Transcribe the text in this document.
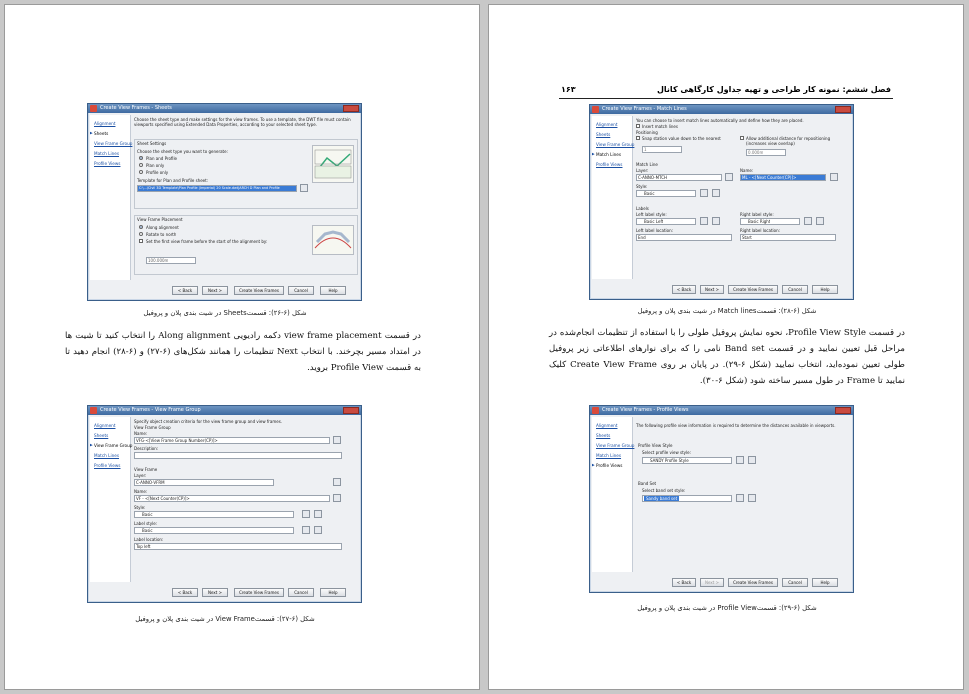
Create View Frames - Sheets
Alignment
▶ Sheets
View Frame Group
Match Lines
Profile Views
Choose the sheet type and make settings for the view frames. To use a template, the DWT file must contain viewports specified using Extended Data Properties, according to your selected sheet type.
Sheet Settings
Choose the sheet type you want to generate:
Plan and Profile
Plan only
Profile only
Template for Plan and Profile sheet:
C:\...\Civil 3D Template\Plan Profile (Imperial) 20 Scale.dwt|ARCH D Plan and Profile
View Frame Placement
Along alignment
Rotate to north
Set the first view frame before the start of the alignment by:
100.000m
< Back	Next >	Create View Frames	Cancel	Help
شکل (۶-۲۶): قسمتSheets در شیت بندی پلان و پروفیل
در قسمت view frame placement دکمه رادیویی Along alignment را انتخاب کنید تا شیت ها در امتداد مسیر بچرخند. با انتخاب Next تنظیمات را همانند شکل‌های (۶-۲۷) و (۶-۲۸) انجام دهید تا به قسمت Profile View بروید.
Create View Frames - View Frame Group
Alignment
Sheets
▶ View Frame Group
Match Lines
Profile Views
Specify object creation criteria for the view frame group and view frames.
View Frame Group
Name:
VFG-<[View Frame Group Number(CP)]>
Description:
View Frame
Layer:
C-ANNO-VFRM
Name:
VF - <[Next Counter(CP)]>
Style:
Basic
Label style:
Basic
Label location:
Top left
< Back	Next >	Create View Frames	Cancel	Help
شکل (۶-۲۷): قسمتView Frame در شیت بندی پلان و پروفیل
فصل ششم: نمونه کار طراحی و تهیه جداول کارگاهی کانال
۱۶۳
Create View Frames - Match Lines
Alignment
Sheets
View Frame Group
▶ Match Lines
Profile Views
You can choose to insert match lines automatically and define how they are placed.
Insert match lines
Positioning
Snap station value down to the nearest	Allow additional distance for repositioning (increases view overlap)
1
0.000m
Match Line
Layer:
C-ANNO-MTCH
Name:
ML - <[Next Counter(CP)]>
Style:
Basic
Labels
Left label style:
Basic Left
Right label style:
Basic Right
Left label location:
End
Right label location:
Start
< Back	Next >	Create View Frames	Cancel	Help
شکل (۶-۲۸): قسمتMatch lines در شیت بندی پلان و پروفیل
در قسمت Profile View Style، نحوه نمایش پروفیل طولی را با استفاده از تنظیمات انجام‌شده در مراحل قبل تعیین نمایید و در قسمت Band set نامی را که برای نوارهای اطلاعاتی زیر پروفیل طولی تعیین نموده‌اید، انتخاب نمایید (شکل ۶-۲۹). در پایان بر روی Create View Frame کلیک نمایید تا Frame در طول مسیر ساخته شود (شکل ۶-۳۰).
Create View Frames - Profile Views
Alignment
Sheets
View Frame Group
Match Lines
▶ Profile Views
The following profile view information is required to determine the distances available in viewports.
Profile View Style
Select profile view style:
SANDY Profile Style
Band Set
Select band set style:
Sandy band set
< Back	Next >	Create View Frames	Cancel	Help
شکل (۶-۲۹): قسمتProfile View در شیت بندی پلان و پروفیل
